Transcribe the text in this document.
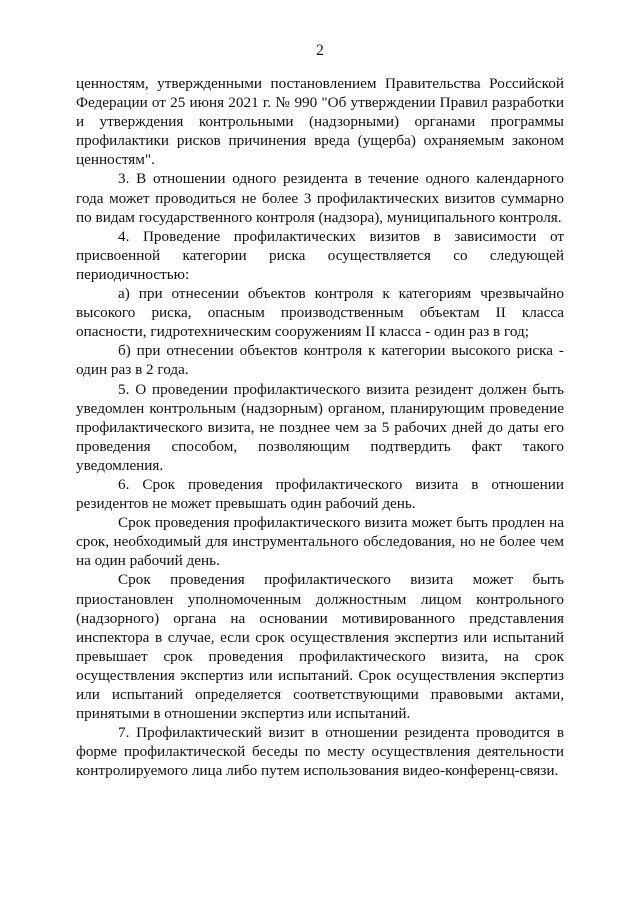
2

ценностям, утвержденными постановлением Правительства Российской Федерации от 25 июня 2021 г. № 990 "Об утверждении Правил разработки и утверждения контрольными (надзорными) органами программы профилактики рисков причинения вреда (ущерба) охраняемым законом ценностям".

3. В отношении одного резидента в течение одного календарного года может проводиться не более 3 профилактических визитов суммарно по видам государственного контроля (надзора), муниципального контроля.

4. Проведение профилактических визитов в зависимости от присвоенной категории риска осуществляется со следующей периодичностью:

а) при отнесении объектов контроля к категориям чрезвычайно высокого риска, опасным производственным объектам II класса опасности, гидротехническим сооружениям II класса - один раз в год;

б) при отнесении объектов контроля к категории высокого риска - один раз в 2 года.

5. О проведении профилактического визита резидент должен быть уведомлен контрольным (надзорным) органом, планирующим проведение профилактического визита, не позднее чем за 5 рабочих дней до даты его проведения способом, позволяющим подтвердить факт такого уведомления.

6. Срок проведения профилактического визита в отношении резидентов не может превышать один рабочий день.

Срок проведения профилактического визита может быть продлен на срок, необходимый для инструментального обследования, но не более чем на один рабочий день.

Срок проведения профилактического визита может быть приостановлен уполномоченным должностным лицом контрольного (надзорного) органа на основании мотивированного представления инспектора в случае, если срок осуществления экспертиз или испытаний превышает срок проведения профилактического визита, на срок осуществления экспертиз или испытаний. Срок осуществления экспертиз или испытаний определяется соответствующими правовыми актами, принятыми в отношении экспертиз или испытаний.

7. Профилактический визит в отношении резидента проводится в форме профилактической беседы по месту осуществления деятельности контролируемого лица либо путем использования видео-конференц-связи.
